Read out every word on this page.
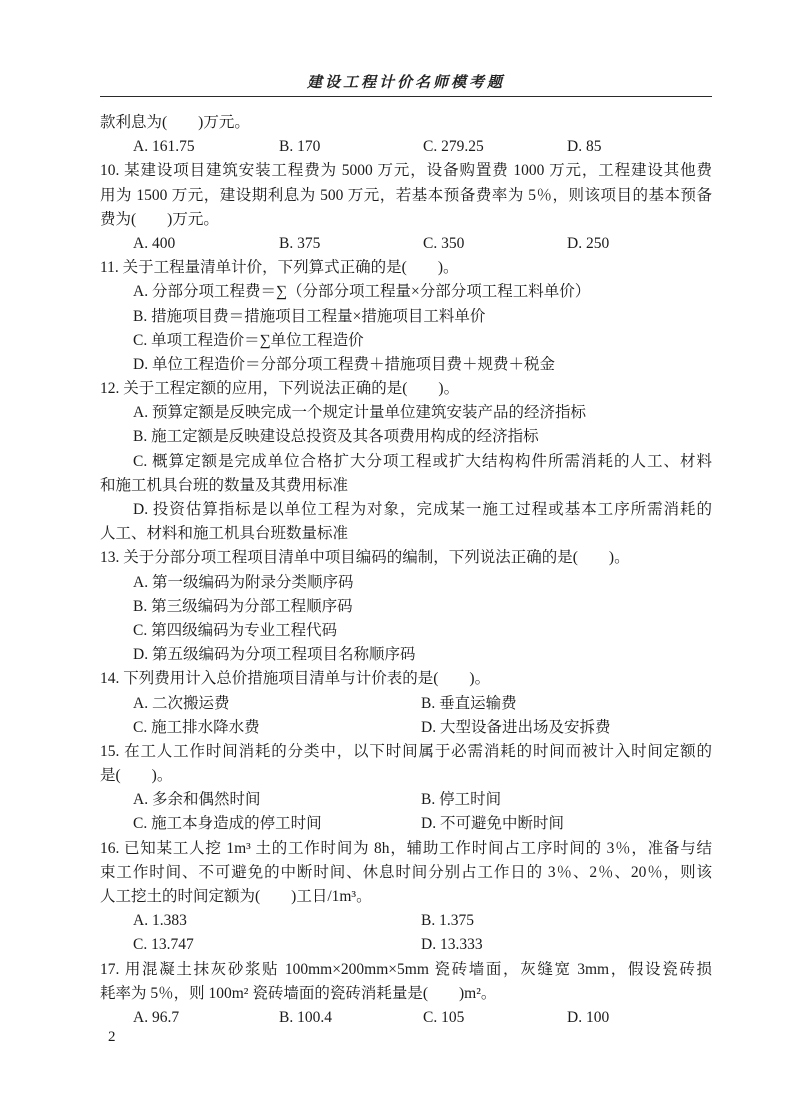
建设工程计价名师模考题
款利息为(　　)万元。
A. 161.75	B. 170	C. 279.25	D. 85
10. 某建设项目建筑安装工程费为 5000 万元，设备购置费 1000 万元，工程建设其他费
用为 1500 万元，建设期利息为 500 万元，若基本预备费率为 5％，则该项目的基本预备
费为(　　)万元。
A. 400	B. 375	C. 350	D. 250
11. 关于工程量清单计价，下列算式正确的是(　　)。
A. 分部分项工程费＝∑（分部分项工程量×分部分项工程工料单价）
B. 措施项目费＝措施项目工程量×措施项目工料单价
C. 单项工程造价＝∑单位工程造价
D. 单位工程造价＝分部分项工程费＋措施项目费＋规费＋税金
12. 关于工程定额的应用，下列说法正确的是(　　)。
A. 预算定额是反映完成一个规定计量单位建筑安装产品的经济指标
B. 施工定额是反映建设总投资及其各项费用构成的经济指标
C. 概算定额是完成单位合格扩大分项工程或扩大结构构件所需消耗的人工、材料
和施工机具台班的数量及其费用标准
D. 投资估算指标是以单位工程为对象，完成某一施工过程或基本工序所需消耗的
人工、材料和施工机具台班数量标准
13. 关于分部分项工程项目清单中项目编码的编制，下列说法正确的是(　　)。
A. 第一级编码为附录分类顺序码
B. 第三级编码为分部工程顺序码
C. 第四级编码为专业工程代码
D. 第五级编码为分项工程项目名称顺序码
14. 下列费用计入总价措施项目清单与计价表的是(　　)。
A. 二次搬运费	B. 垂直运输费
C. 施工排水降水费	D. 大型设备进出场及安拆费
15. 在工人工作时间消耗的分类中，以下时间属于必需消耗的时间而被计入时间定额的
是(　　)。
A. 多余和偶然时间	B. 停工时间
C. 施工本身造成的停工时间	D. 不可避免中断时间
16. 已知某工人挖 1m³ 土的工作时间为 8h，辅助工作时间占工序时间的 3％，准备与结
束工作时间、不可避免的中断时间、休息时间分别占工作日的 3％、2％、20％，则该
人工挖土的时间定额为(　　)工日/1m³。
A. 1.383	B. 1.375
C. 13.747	D. 13.333
17. 用混凝土抹灰砂浆贴 100mm×200mm×5mm 瓷砖墙面，灰缝宽 3mm，假设瓷砖损
耗率为 5％，则 100m² 瓷砖墙面的瓷砖消耗量是(　　)m²。
A. 96.7	B. 100.4	C. 105	D. 100
2
